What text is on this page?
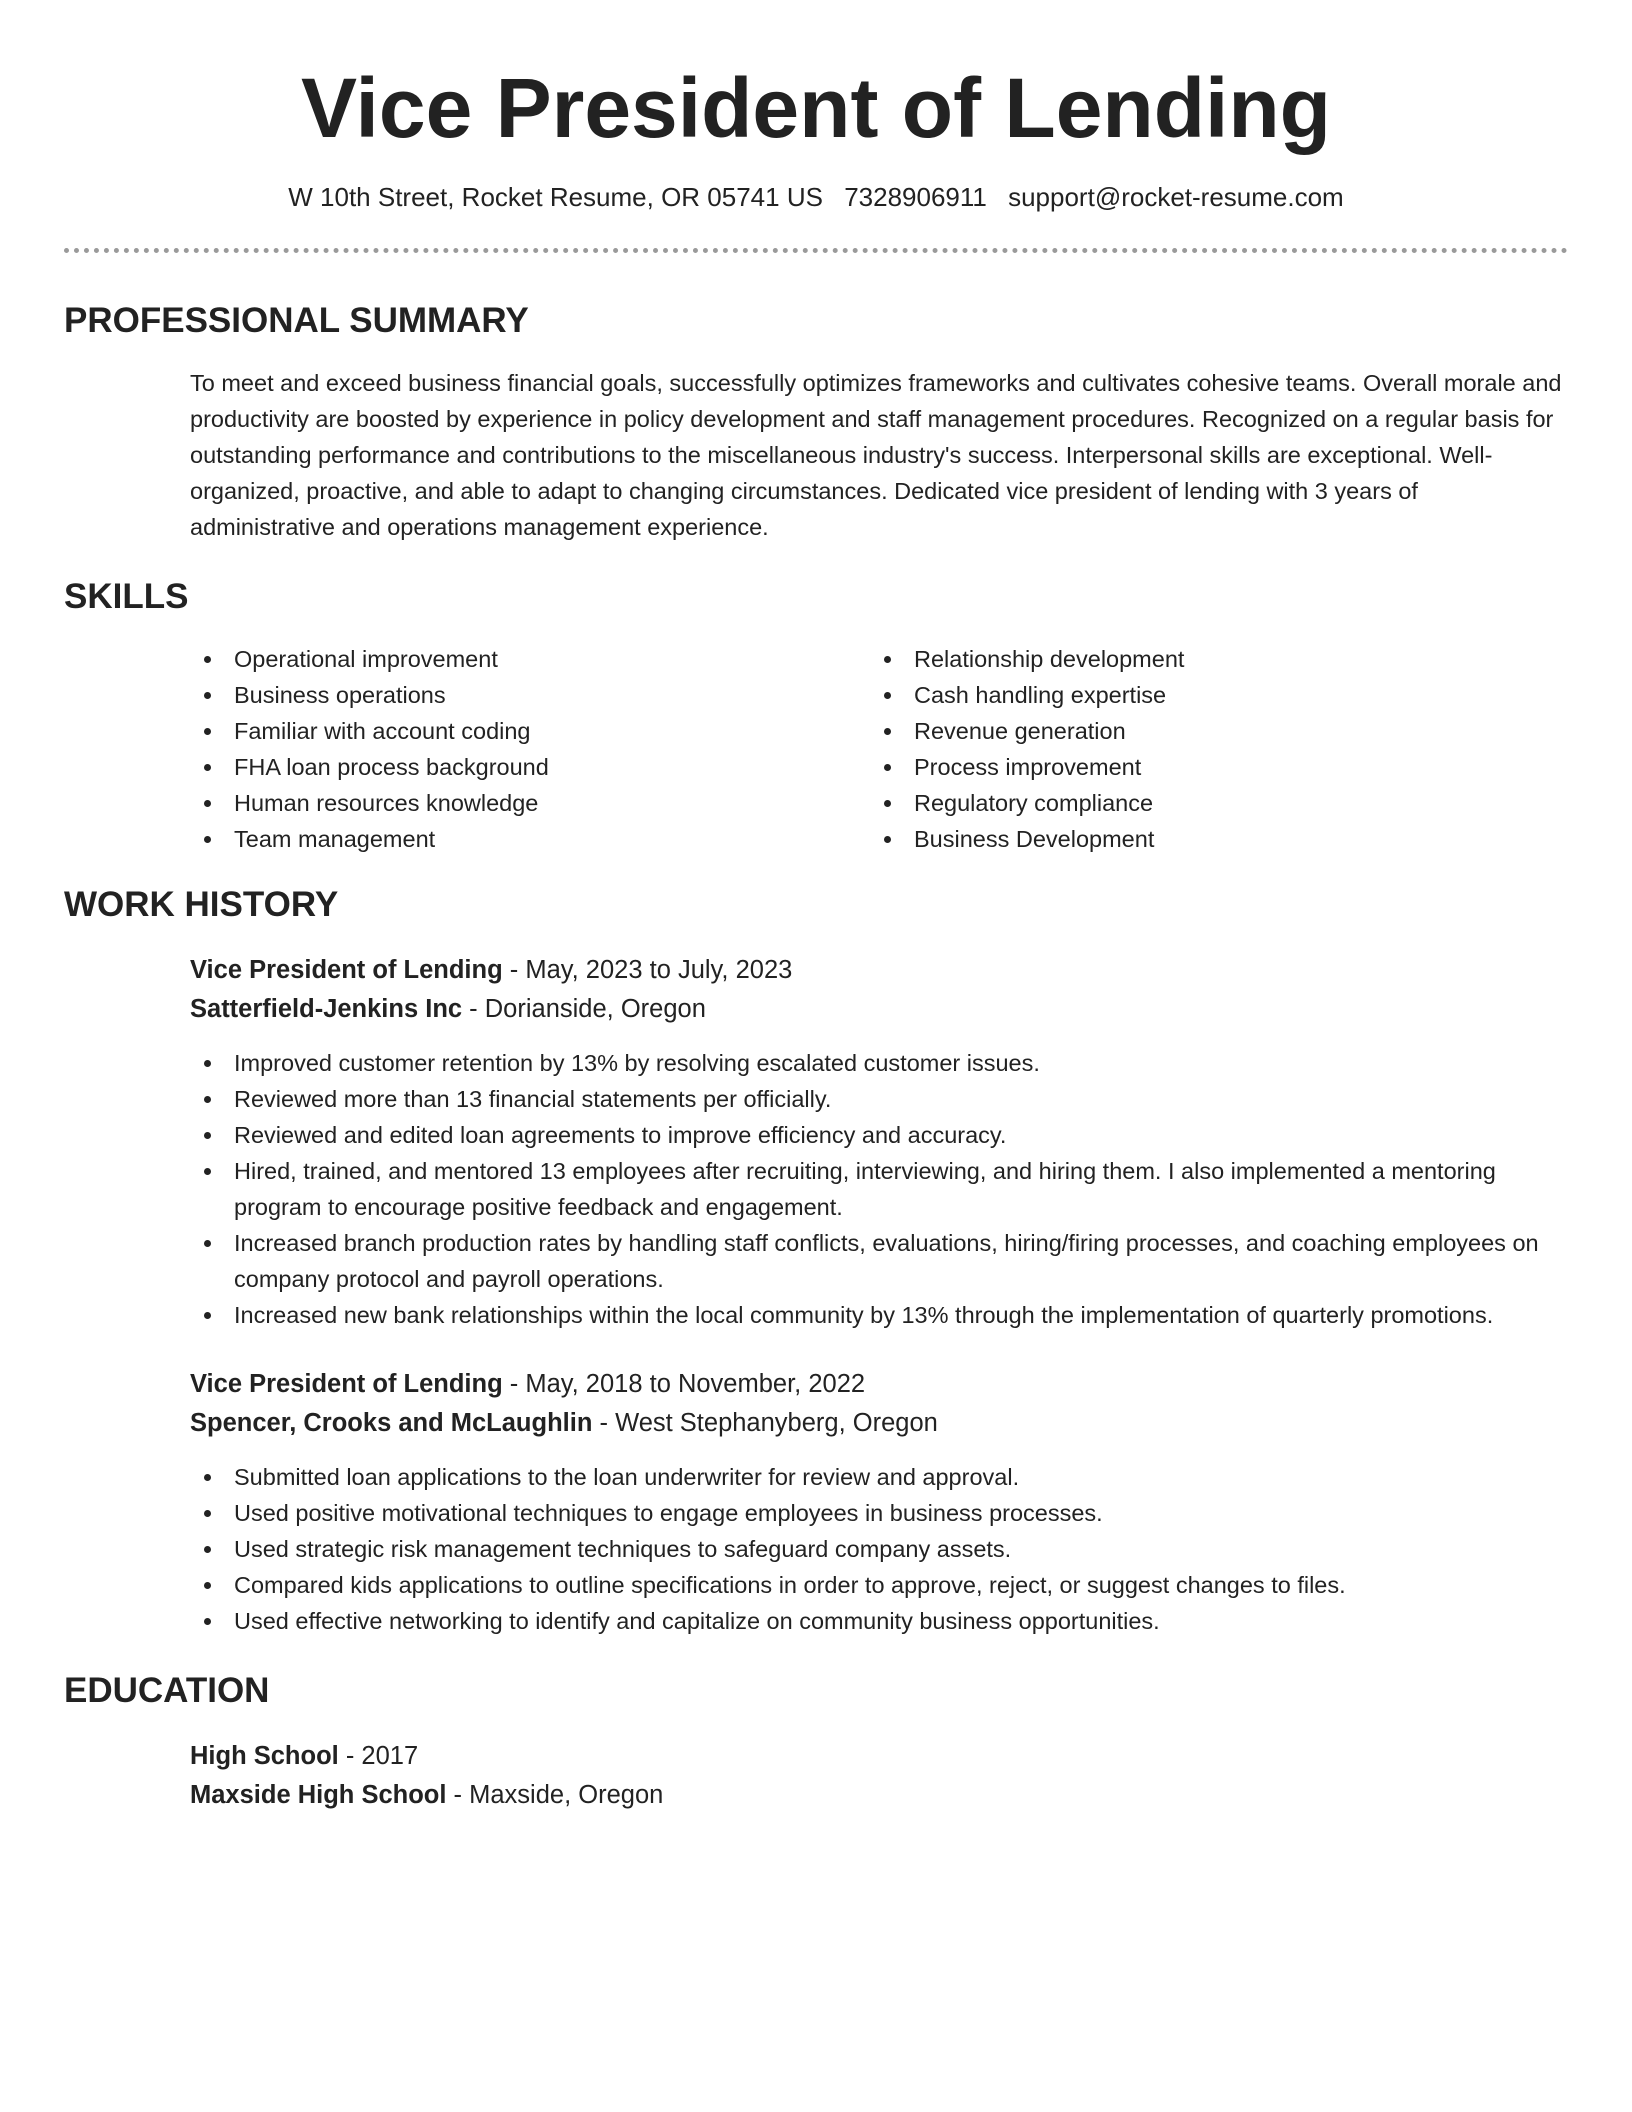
Vice President of Lending
W 10th Street, Rocket Resume, OR 05741 US 7328906911 support@rocket-resume.com
PROFESSIONAL SUMMARY

To meet and exceed business financial goals, successfully optimizes frameworks and cultivates cohesive teams. Overall morale and productivity are boosted by experience in policy development and staff management procedures. Recognized on a regular basis for outstanding performance and contributions to the miscellaneous industry's success. Interpersonal skills are exceptional. Well-organized, proactive, and able to adapt to changing circumstances. Dedicated vice president of lending with 3 years of administrative and operations management experience.

SKILLS
Operational improvement
Business operations
Familiar with account coding
FHA loan process background
Human resources knowledge
Team management
Relationship development
Cash handling expertise
Revenue generation
Process improvement
Regulatory compliance
Business Development
WORK HISTORY
Vice President of Lending - May, 2023 to July, 2023
Satterfield-Jenkins Inc - Dorianside, Oregon
Improved customer retention by 13% by resolving escalated customer issues.
Reviewed more than 13 financial statements per officially.
Reviewed and edited loan agreements to improve efficiency and accuracy.
Hired, trained, and mentored 13 employees after recruiting, interviewing, and hiring them. I also implemented a mentoring program to encourage positive feedback and engagement.
Increased branch production rates by handling staff conflicts, evaluations, hiring/firing processes, and coaching employees on company protocol and payroll operations.
Increased new bank relationships within the local community by 13% through the implementation of quarterly promotions.
Vice President of Lending - May, 2018 to November, 2022
Spencer, Crooks and McLaughlin - West Stephanyberg, Oregon
Submitted loan applications to the loan underwriter for review and approval.
Used positive motivational techniques to engage employees in business processes.
Used strategic risk management techniques to safeguard company assets.
Compared kids applications to outline specifications in order to approve, reject, or suggest changes to files.
Used effective networking to identify and capitalize on community business opportunities.
EDUCATION
High School - 2017
Maxside High School - Maxside, Oregon
